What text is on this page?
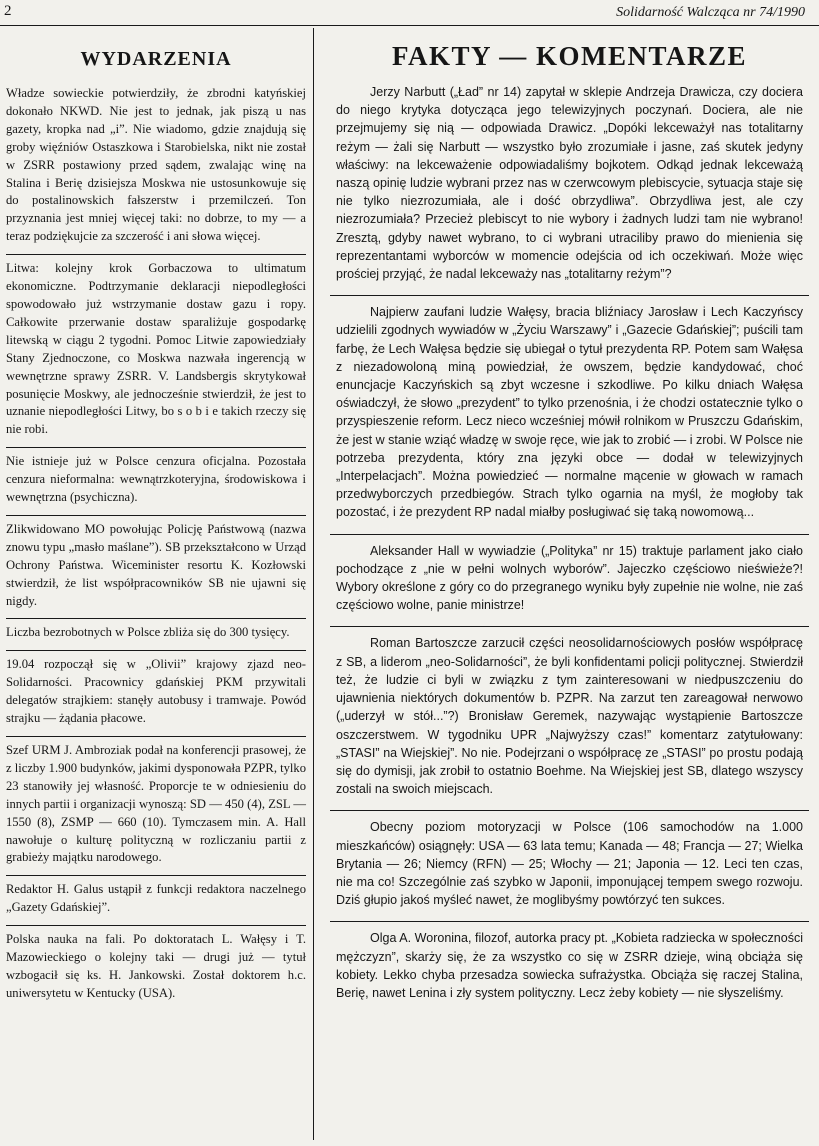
2	Solidarność Walcząca nr 74/1990
WYDARZENIA
Władze sowieckie potwierdziły, że zbrodni katyńskiej dokonało NKWD. Nie jest to jednak, jak piszą u nas gazety, kropka nad „i”. Nie wiadomo, gdzie znajdują się groby więźniów Ostaszkowa i Starobielska, nikt nie został w ZSRR postawiony przed sądem, zwalając winę na Stalina i Berię dzisiejsza Moskwa nie ustosunkowuje się do postalinowskich fałszerstw i przemilczeń. Ton przyznania jest mniej więcej taki: no dobrze, to my — a teraz podziękujcie za szczerość i ani słowa więcej.
Litwa: kolejny krok Gorbaczowa to ultimatum ekonomiczne. Podtrzymanie deklaracji niepodległości spowodowało już wstrzymanie dostaw gazu i ropy. Całkowite przerwanie dostaw sparaliżuje gospodarkę litewską w ciągu 2 tygodni. Pomoc Litwie zapowiedziały Stany Zjednoczone, co Moskwa nazwała ingerencją w wewnętrzne sprawy ZSRR. V. Landsbergis skrytykował posunięcie Moskwy, ale jednocześnie stwierdził, że jest to uznanie niepodległości Litwy, bo s o b i e takich rzeczy się nie robi.
Nie istnieje już w Polsce cenzura oficjalna. Pozostała cenzura nieformalna: wewnątrzkoteryjna, środowiskowa i wewnętrzna (psychiczna).
Zlikwidowano MO powołując Policję Państwową (nazwa znowu typu „masło maślane”). SB przekształcono w Urząd Ochrony Państwa. Wiceminister resortu K. Kozłowski stwierdził, że list współpracowników SB nie ujawni się nigdy.
Liczba bezrobotnych w Polsce zbliża się do 300 tysięcy.
19.04 rozpoczął się w „Olivii” krajowy zjazd neo-Solidarności. Pracownicy gdańskiej PKM przywitali delegatów strajkiem: stanęły autobusy i tramwaje. Powód strajku — żądania płacowe.
Szef URM J. Ambroziak podał na konferencji prasowej, że z liczby 1.900 budynków, jakimi dysponowała PZPR, tylko 23 stanowiły jej własność. Proporcje te w odniesieniu do innych partii i organizacji wynoszą: SD — 450 (4), ZSL — 1550 (8), ZSMP — 660 (10). Tymczasem min. A. Hall nawołuje o kulturę polityczną w rozliczaniu partii z grabieży majątku narodowego.
Redaktor H. Galus ustąpił z funkcji redaktora naczelnego „Gazety Gdańskiej”.
Polska nauka na fali. Po doktoratach L. Wałęsy i T. Mazowieckiego o kolejny taki — drugi już — tytuł wzbogacił się ks. H. Jankowski. Został doktorem h.c. uniwersytetu w Kentucky (USA).
FAKTY — KOMENTARZE
Jerzy Narbutt („Ład” nr 14) zapytał w sklepie Andrzeja Drawicza, czy dociera do niego krytyka dotycząca jego telewizyjnych poczynań. Dociera, ale nie przejmujemy się nią — odpowiada Drawicz. „Dopóki lekceważył nas totalitarny reżym — żali się Narbutt — wszystko było zrozumiałe i jasne, zaś skutek jedyny właściwy: na lekceważenie odpowiadaliśmy bojkotem. Odkąd jednak lekceważą naszą opinię ludzie wybrani przez nas w czerwcowym plebiscycie, sytuacja staje się nie tylko niezrozumiała, ale i dość obrzydliwa”. Obrzydliwa jest, ale czy niezrozumiała? Przecież plebiscyt to nie wybory i żadnych ludzi tam nie wybrano! Zresztą, gdyby nawet wybrano, to ci wybrani utraciliby prawo do mienienia się reprezentantami wyborców w momencie odejścia od ich oczekiwań. Może więc prościej przyjąć, że nadal lekceważy nas „totalitarny reżym”?
Najpierw zaufani ludzie Wałęsy, bracia bliźniacy Jarosław i Lech Kaczyńscy udzielili zgodnych wywiadów w „Życiu Warszawy” i „Gazecie Gdańskiej”; puścili tam farbę, że Lech Wałęsa będzie się ubiegał o tytuł prezydenta RP. Potem sam Wałęsa z niezadowoloną miną powiedział, że owszem, będzie kandydować, choć enuncjacje Kaczyńskich są zbyt wczesne i szkodliwe. Po kilku dniach Wałęsa oświadczył, że słowo „prezydent” to tylko przenośnia, i że chodzi ostatecznie tylko o przyspieszenie reform. Lecz nieco wcześniej mówił rolnikom w Pruszczu Gdańskim, że jest w stanie wziąć władzę w swoje ręce, wie jak to zrobić — i zrobi. W Polsce nie potrzeba prezydenta, który zna języki obce — dodał w telewizyjnych „Interpelacjach”. Można powiedzieć — normalne mącenie w głowach w ramach przedwyborczych przedbiegów. Strach tylko ogarnia na myśl, że mogłoby tak pozostać, i że prezydent RP nadal miałby posługiwać się taką nowomową...
Aleksander Hall w wywiadzie („Polityka” nr 15) traktuje parlament jako ciało pochodzące z „nie w pełni wolnych wyborów”. Jajeczko częściowo nieświeże?! Wybory określone z góry co do przegranego wyniku były zupełnie nie wolne, nie zaś częściowo wolne, panie ministrze!
Roman Bartoszcze zarzucił części neosolidarnościowych posłów współpracę z SB, a liderom „neo-Solidarności”, że byli konfidentami policji politycznej. Stwierdził też, że ludzie ci byli w związku z tym zainteresowani w niedpuszczeniu do ujawnienia niektórych dokumentów b. PZPR. Na zarzut ten zareagował nerwowo („uderzył w stół...”?) Bronisław Geremek, nazywając wystąpienie Bartoszcze oszczerstwem. W tygodniku UPR „Najwyższy czas!” komentarz zatytułowany: „STASI” na Wiejskiej”. No nie. Podejrzani o współpracę ze „STASI” po prostu podają się do dymisji, jak zrobił to ostatnio Boehme. Na Wiejskiej jest SB, dlatego wszyscy zostali na swoich miejscach.
Obecny poziom motoryzacji w Polsce (106 samochodów na 1.000 mieszkańców) osiągnęły: USA — 63 lata temu; Kanada — 48; Francja — 27; Wielka Brytania — 26; Niemcy (RFN) — 25; Włochy — 21; Japonia — 12. Leci ten czas, nie ma co! Szczególnie zaś szybko w Japonii, imponującej tempem swego rozwoju. Dziś głupio jakoś myśleć nawet, że moglibyśmy powtórzyć ten sukces.
Olga A. Woronina, filozof, autorka pracy pt. „Kobieta radziecka w społeczności mężczyzn”, skarży się, że za wszystko co się w ZSRR dzieje, winą obciąża się kobiety. Lekko chyba przesadza sowiecka sufrażystka. Obciąża się raczej Stalina, Berię, nawet Lenina i zły system polityczny. Lecz żeby kobiety — nie słyszeliśmy.
